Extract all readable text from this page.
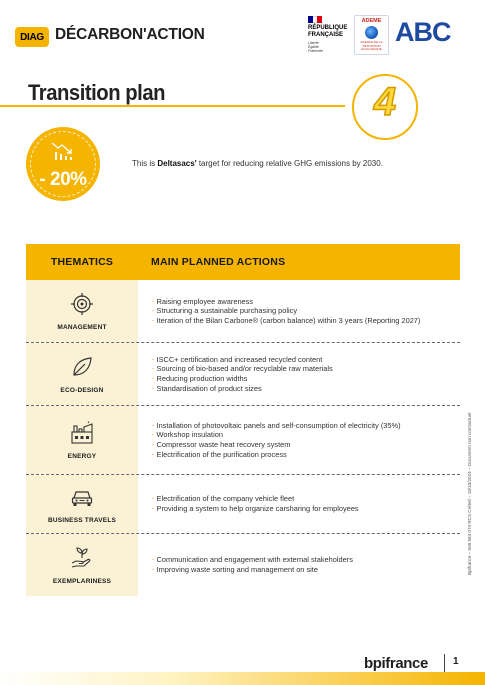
DIAG DÉCARBON'ACTION	RÉPUBLIQUE
FRANÇAISE
Liberté Égalité Fraternité
ADEME
AGENCE DE LA TRANSITION ÉCOLOGIQUE
ABC
Transition plan	4
- 20%
This is Deltasacs' target for reducing relative GHG emissions by 2030.
THEMATICS	MAIN PLANNED ACTIONS
MANAGEMENT
· Raising employee awareness
· Structuring a sustainable purchasing policy
· Iteration of the Bilan Carbone® (carbon balance) within 3 years (Reporting 2027)
ECO-DESIGN
· ISCC+ certification and increased recycled content
· Sourcing of bio-based and/or recyclable raw materials
· Reducing production widths
· Standardisation of product sizes
ENERGY
· Installation of photovoltaic panels and self-consumption of electricity (35%)
· Workshop insulation
· Compressor waste heat recovery system
· Electrification of the purification process
BUSINESS TRAVELS
· Electrification of the company vehicle fleet
· Providing a system to help organize carsharing for employees
EXEMPLARINESS
· Communication and engagement with external stakeholders
· Improving waste sorting and management on site	Bpifrance – 509 584 074 RCS Créteil – 18/10/2024 – Document non contractuel
bpifrance	1
